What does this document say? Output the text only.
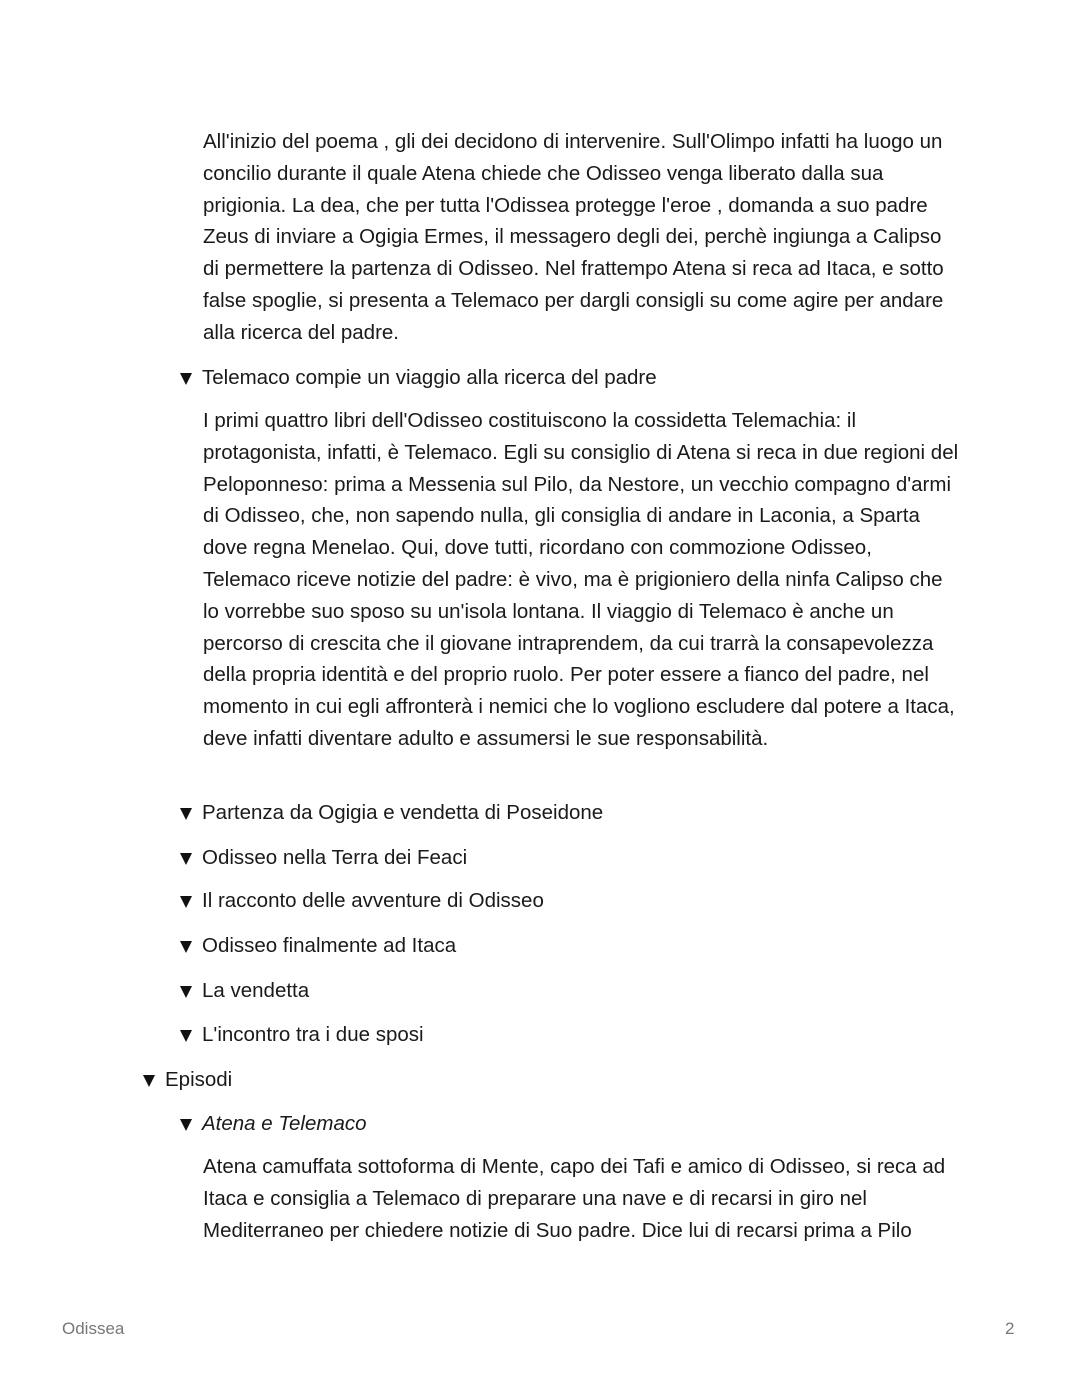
All'inizio del poema , gli dei decidono di intervenire. Sull'Olimpo infatti ha luogo un concilio durante il quale Atena chiede che Odisseo venga liberato dalla sua prigionia. La dea, che per tutta l'Odissea protegge l'eroe , domanda a suo padre Zeus di inviare a Ogigia Ermes, il messagero degli dei, perchè ingiunga a Calipso di permettere la partenza di Odisseo. Nel frattempo Atena si reca ad Itaca, e sotto false spoglie, si presenta a Telemaco per dargli consigli su come agire per andare alla ricerca del padre.

Telemaco compie un viaggio alla ricerca del padre

I primi quattro libri dell'Odisseo costituiscono la cossidetta Telemachia: il protagonista, infatti, è Telemaco. Egli su consiglio di Atena si reca in due regioni del Peloponneso: prima a Messenia sul Pilo, da Nestore, un vecchio compagno d'armi di Odisseo, che, non sapendo nulla, gli consiglia di andare in Laconia, a Sparta dove regna Menelao. Qui, dove tutti, ricordano con commozione Odisseo, Telemaco riceve notizie del padre: è vivo, ma è prigioniero della ninfa Calipso che lo vorrebbe suo sposo su un'isola lontana. Il viaggio di Telemaco è anche un percorso di crescita che il giovane intraprendem, da cui trarrà la consapevolezza della propria identità e del proprio ruolo. Per poter essere a fianco del padre, nel momento in cui egli affronterà i nemici che lo vogliono escludere dal potere a Itaca, deve infatti diventare adulto e assumersi le sue responsabilità.

Partenza da Ogigia e vendetta di Poseidone
Odisseo nella Terra dei Feaci
Il racconto delle avventure di Odisseo
Odisseo finalmente ad Itaca
La vendetta
L'incontro tra i due sposi
Episodi
Atena e Telemaco

Atena camuffata sottoforma di Mente, capo dei Tafi e amico di Odisseo, si reca ad Itaca e consiglia a Telemaco di preparare una nave e di recarsi in giro nel Mediterraneo per chiedere notizie di Suo padre. Dice lui di recarsi prima a Pilo

Odissea	2
